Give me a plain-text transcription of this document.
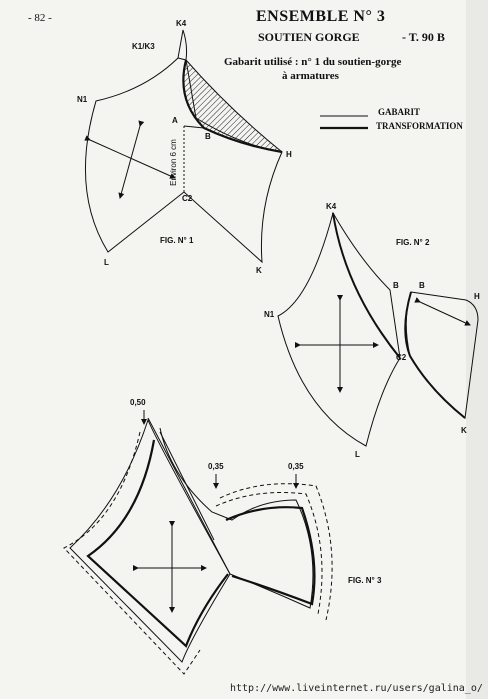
- 82 -	ENSEMBLE N° 3
SOUTIEN GORGE	- T. 90 B
Gabarit utilisé : n° 1 du soutien-gorge
à armatures
GABARIT
TRANSFORMATION
K4
K1/K3
N1
A
B
H
C2
L
K
Environ 6 cm
FIG. N° 1
K4
FIG. N° 2
N1
B	B
H
C2
L
K
0,50
0,35	0,35
FIG. N° 3
http://www.liveinternet.ru/users/galina_o/
